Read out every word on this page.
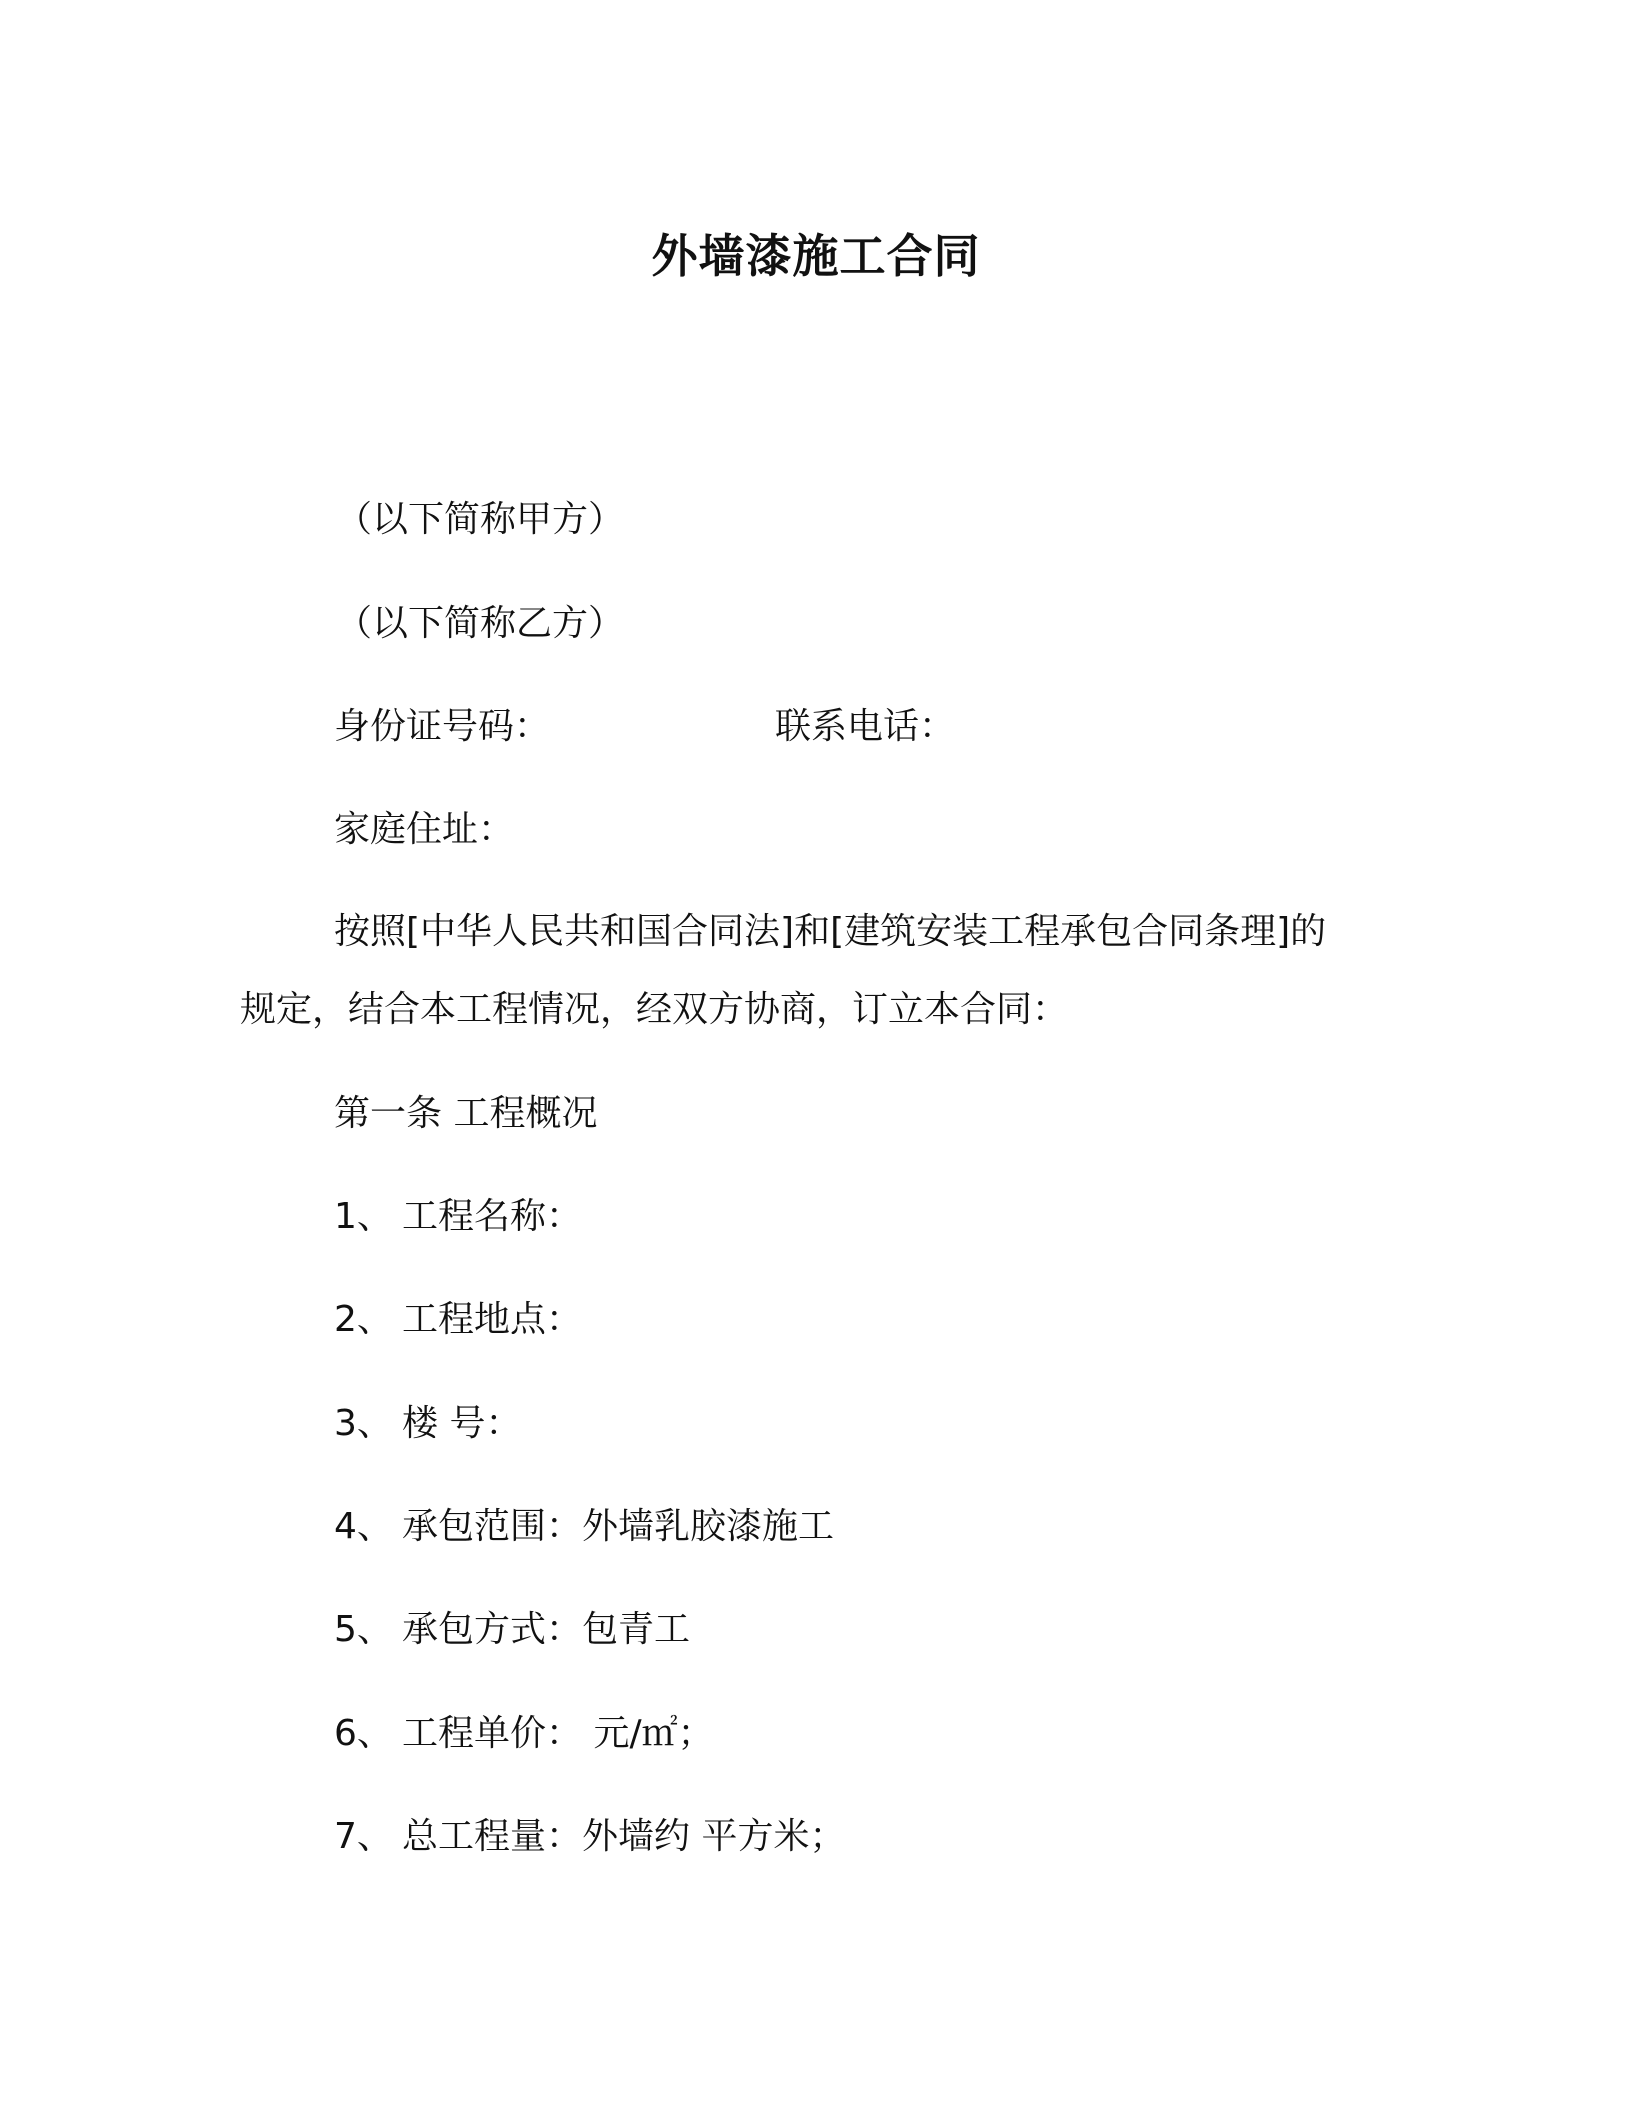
外墙漆施工合同
（以下简称甲方）
（以下简称乙方）
身份证号码：	联系电话：
家庭住址：
按照[中华人民共和国合同法]和[建筑安装工程承包合同条理]的
规定，结合本工程情况，经双方协商，订立本合同：
第一条 工程概况
1、 工程名称：
2、 工程地点：
3、 楼 号：
4、 承包范围：外墙乳胶漆施工
5、 承包方式：包青工
6、 工程单价： 元/㎡；
7、 总工程量：外墙约 平方米；
